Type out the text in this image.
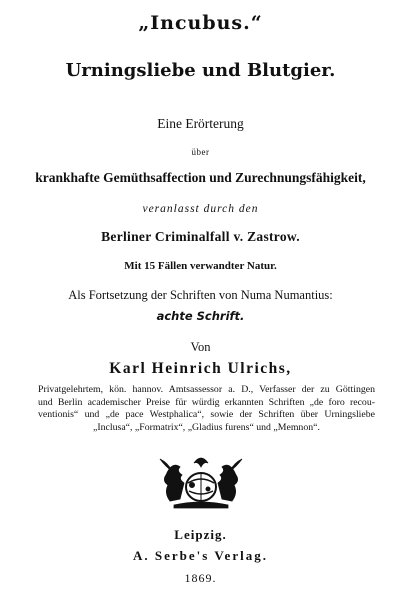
„Incubus.“
Urningsliebe und Blutgier.
Eine Erörterung
über
krankhafte Gemüthsaffection und Zurechnungsfähigkeit,
veranlasst durch den
Berliner Criminalfall v. Zastrow.
Mit 15 Fällen verwandter Natur.
Als Fortsetzung der Schriften von Numa Numantius:
achte Schrift.
Von
Karl Heinrich Ulrichs,
Privatgelehrtem, kön. hannov. Amtsassessor a. D., Verfasser der zu Göttingen
und Berlin academischer Preise für würdig erkannten Schriften „de foro recou-
ventionis“ und „de pace Westphalica“, sowie der Schriften über Urningsliebe
„Inclusa“, „Formatrix“, „Gladius furens“ und „Memnon“.
Leipzig.
A. Serbe's Verlag.
1869.
